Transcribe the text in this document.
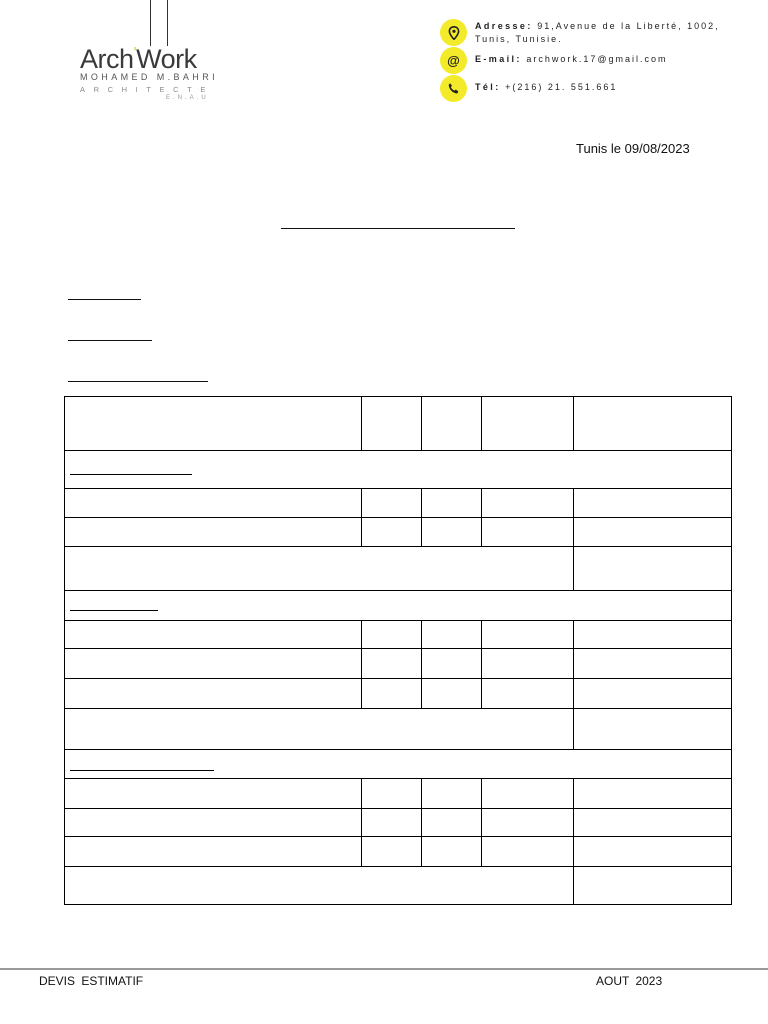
Arch'Work
MOHAMED M.BAHRI
ARCHITECTE
E.N.A.U
Adresse: 91,Avenue de la Liberté, 1002,
Tunis, Tunisie.
@	E-mail: archwork.17@gmail.com
Tél: +(216) 21. 551.661
Tunis le 09/08/2023
DEVIS ESTIMATIF	AOUT 2023
